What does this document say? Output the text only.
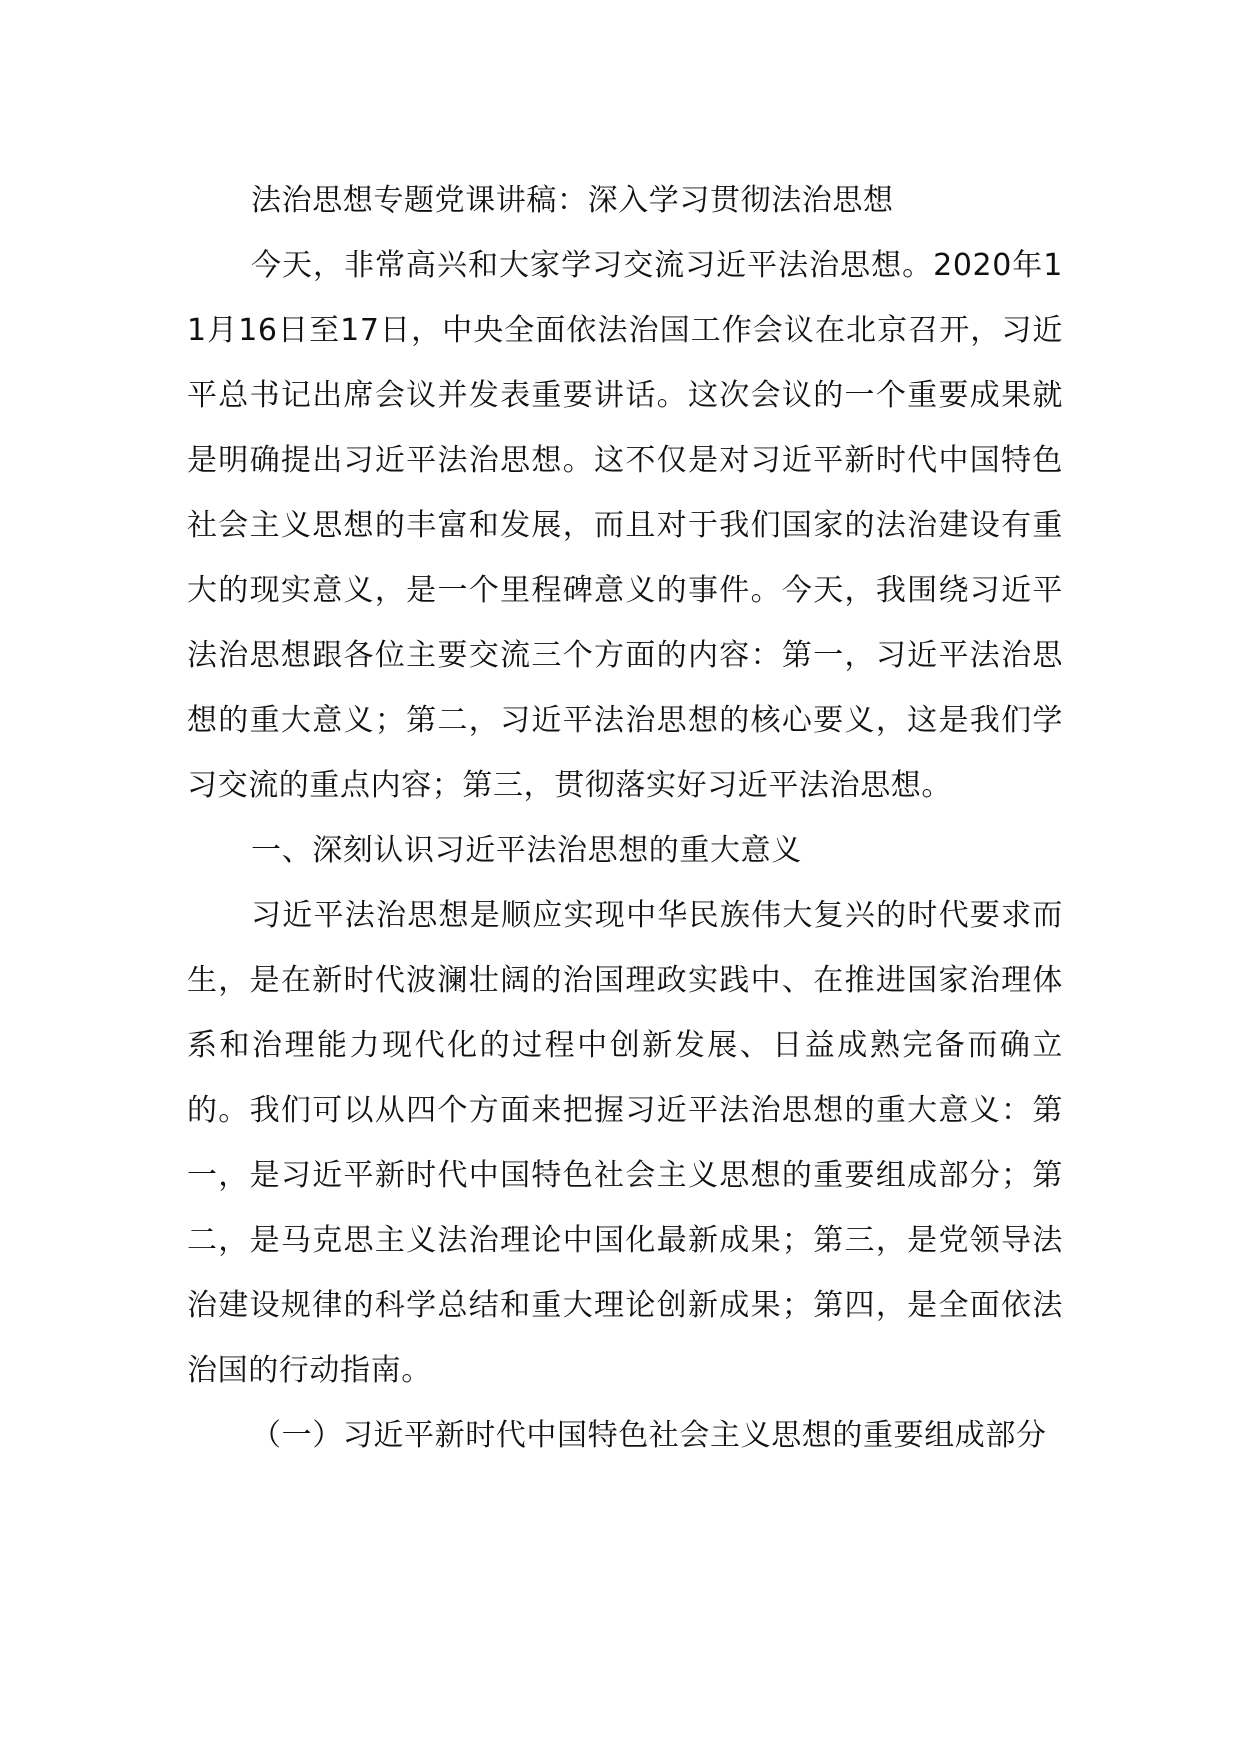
法治思想专题党课讲稿：深入学习贯彻法治思想

今天，非常高兴和大家学习交流习近平法治思想。2020年11月16日至17日，中央全面依法治国工作会议在北京召开，习近平总书记出席会议并发表重要讲话。这次会议的一个重要成果就是明确提出习近平法治思想。这不仅是对习近平新时代中国特色社会主义思想的丰富和发展，而且对于我们国家的法治建设有重大的现实意义，是一个里程碑意义的事件。今天，我围绕习近平法治思想跟各位主要交流三个方面的内容：第一，习近平法治思想的重大意义；第二，习近平法治思想的核心要义，这是我们学习交流的重点内容；第三，贯彻落实好习近平法治思想。

一、深刻认识习近平法治思想的重大意义

习近平法治思想是顺应实现中华民族伟大复兴的时代要求而生，是在新时代波澜壮阔的治国理政实践中、在推进国家治理体系和治理能力现代化的过程中创新发展、日益成熟完备而确立的。我们可以从四个方面来把握习近平法治思想的重大意义：第一，是习近平新时代中国特色社会主义思想的重要组成部分；第二，是马克思主义法治理论中国化最新成果；第三，是党领导法治建设规律的科学总结和重大理论创新成果；第四，是全面依法治国的行动指南。

（一）习近平新时代中国特色社会主义思想的重要组成部分
